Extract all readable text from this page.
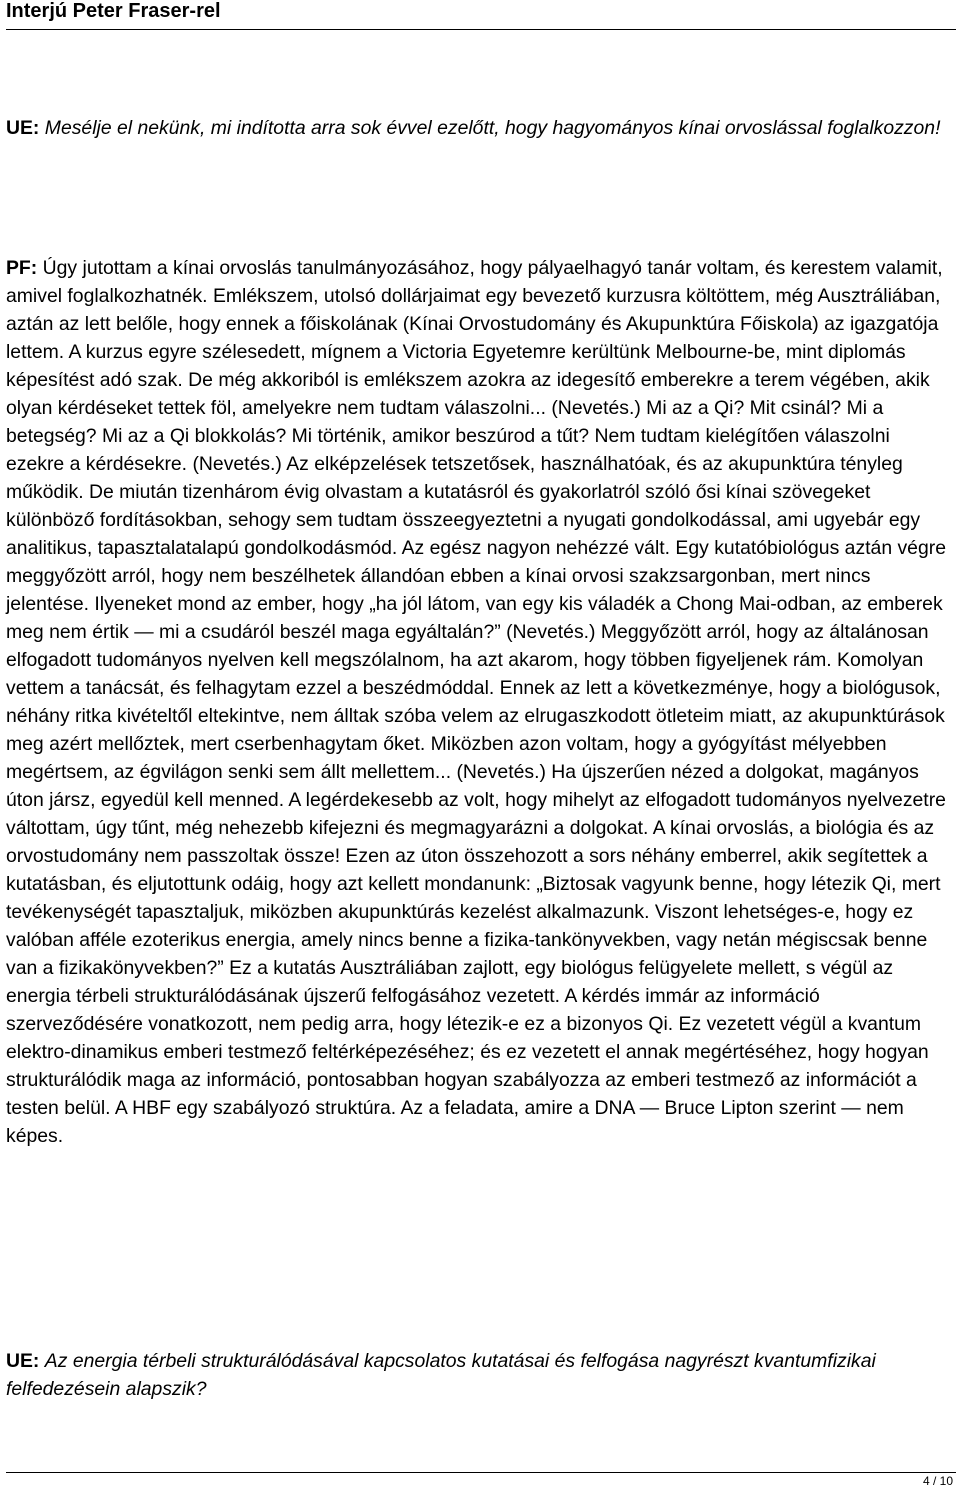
Interjú Peter Fraser-rel

UE: Mesélje el nekünk, mi indította arra sok évvel ezelőtt, hogy hagyományos kínai orvoslással foglalkozzon!

PF: Úgy jutottam a kínai orvoslás tanulmányozásához, hogy pályaelhagyó tanár voltam, és kerestem valamit, amivel foglalkozhatnék. Emlékszem, utolsó dollárjaimat egy bevezető kurzusra költöttem, még Ausztráliában, aztán az lett belőle, hogy ennek a főiskolának (Kínai Orvostudomány és Akupunktúra Főiskola) az igazgatója lettem. A kurzus egyre szélesedett, mígnem a Victoria Egyetemre kerültünk Melbourne-be, mint diplomás képesítést adó szak. De még akkoriból is emlékszem azokra az idegesítő emberekre a terem végében, akik olyan kérdéseket tettek föl, amelyekre nem tudtam válaszolni... (Nevetés.) Mi az a Qi? Mit csinál? Mi a betegség? Mi az a Qi blokkolás? Mi történik, amikor beszúrod a tűt? Nem tudtam kielégítően válaszolni ezekre a kérdésekre. (Nevetés.) Az elképzelések tetszetősek, használhatóak, és az akupunktúra tényleg működik. De miután tizenhárom évig olvastam a kutatásról és gyakorlatról szóló ősi kínai szövegeket különböző fordításokban, sehogy sem tudtam összeegyeztetni a nyugati gondolkodással, ami ugyebár egy analitikus, tapasztalatalapú gondolkodásmód. Az egész nagyon nehézzé vált. Egy kutatóbiológus aztán végre meggyőzött arról, hogy nem beszélhetek állandóan ebben a kínai orvosi szakzsargonban, mert nincs jelentése. Ilyeneket mond az ember, hogy „ha jól látom, van egy kis váladék a Chong Mai-odban, az emberek meg nem értik — mi a csudáról beszél maga egyáltalán?” (Nevetés.) Meggyőzött arról, hogy az általánosan elfogadott tudományos nyelven kell megszólalnom, ha azt akarom, hogy többen figyeljenek rám. Komolyan vettem a tanácsát, és felhagytam ezzel a beszédmóddal. Ennek az lett a következménye, hogy a biológusok, néhány ritka kivételtől eltekintve, nem álltak szóba velem az elrugaszkodott ötleteim miatt, az akupunktúrások meg azért mellőztek, mert cserbenhagytam őket. Miközben azon voltam, hogy a gyógyítást mélyebben megértsem, az égvilágon senki sem állt mellettem... (Nevetés.) Ha újszerűen nézed a dolgokat, magányos úton jársz, egyedül kell menned. A legérdekesebb az volt, hogy mihelyt az elfogadott tudományos nyelvezetre váltottam, úgy tűnt, még nehezebb kifejezni és megmagyarázni a dolgokat. A kínai orvoslás, a biológia és az orvostudomány nem passzoltak össze! Ezen az úton összehozott a sors néhány emberrel, akik segítettek a kutatásban, és eljutottunk odáig, hogy azt kellett mondanunk: „Biztosak vagyunk benne, hogy létezik Qi, mert tevékenységét tapasztaljuk, miközben akupunktúrás kezelést alkalmazunk. Viszont lehetséges-e, hogy ez valóban afféle ezoterikus energia, amely nincs benne a fizika-tankönyvekben, vagy netán mégiscsak benne van a fizikakönyvekben?” Ez a kutatás Ausztráliában zajlott, egy biológus felügyelete mellett, s végül az energia térbeli strukturálódásának újszerű felfogásához vezetett. A kérdés immár az információ szerveződésére vonatkozott, nem pedig arra, hogy létezik-e ez a bizonyos Qi. Ez vezetett végül a kvantum elektro-dinamikus emberi testmező feltérképezéséhez; és ez vezetett el annak megértéséhez, hogy hogyan strukturálódik maga az információ, pontosabban hogyan szabályozza az emberi testmező az információt a testen belül. A HBF egy szabályozó struktúra. Az a feladata, amire a DNA — Bruce Lipton szerint — nem képes.

UE: Az energia térbeli strukturálódásával kapcsolatos kutatásai és felfogása nagyrészt kvantumfizikai felfedezésein alapszik?

4 / 10
